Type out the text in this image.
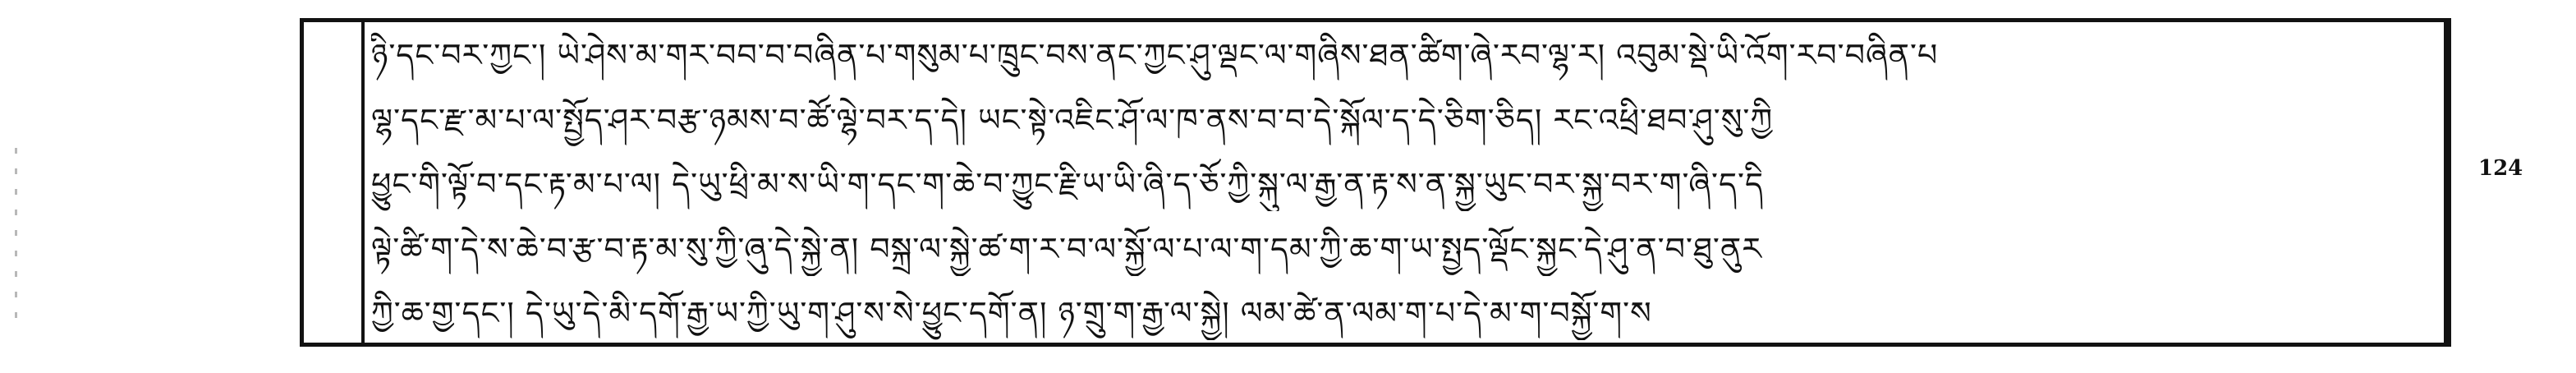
ཉི་དང་བར་ཀྱང་། ཡེ་ཤེས་མ་གར་བབ་བ་བཞིན་པ་གསུམ་པ་ཁྲུང་བས་ནང་ཀྱང་ཤུ་ལྡང་ལ་གཞིས་ཐན་ཚིག་ཞེ་རབ་ལྷ་ར། འབུམ་སྡེ་ཡི་འོག་རབ་བཞིན་པ
ལྷ་དང་རྫ་མ་པ་ལ་སྤྱོད་ཤར་བརྩ་ཉམས་བ་ཚོ་ལྷེ་བར་ད་དེ། ཡང་སྟེ་འཇིང་ཤོ་ལ་ཁ་ནས་བ་བ་དེ་སྐོལ་ད་དེ་ཅིག་ཅིད། རང་འཕྲི་ཐབ་ཤུ་སུ་ཀྱི
ཕྱུང་གི་ལྟོ་བ་དང་རྟ་མ་པ་ལ། དེ་ཡུ་ཕྲི་མ་ས་ཡི་ག་དང་ག་ཆེ་བ་ཀྱུང་རྗི་ཡ་ཡི་ཞི་ད་ཅོ་ཀྱི་སྐུ་ལ་རྒྱ་ན་རྟ་ས་ན་སྐྱ་ཡུང་བར་སྐྱ་བར་ག་ཞི་ད་དི
ལྟེ་ཚི་ག་དེ་ས་ཆེ་བ་རྩ་བ་རྟ་མ་སུ་ཀྱི་ཞུ་དེ་སྐྱེ་ན། བསྐྲ་ལ་སྐྱེ་ཚ་ག་ར་བ་ལ་སྐྱོ་ལ་པ་ལ་ག་དམ་ཀྱི་ཆ་ག་ཡ་སྤྱད་ལྡོང་སྐྱང་དེ་ཤུ་ན་བ་ཐུ་ནུར
ཀྱི་ཆ་གྱ་དང་། དེ་ཡུ་དེ་མི་དགོ་རྒྱ་ཡ་ཀྱི་ཡུ་ག་ཤུ་ས་སེ་ཕྱུང་དགོ་ན། ཉ་གྲུ་ག་རྒྱ་ལ་སྐྱེ། ལམ་ཚེ་ན་ལམ་ག་པ་དེ་མ་ག་བསྐྱོ་ག་ས
124
